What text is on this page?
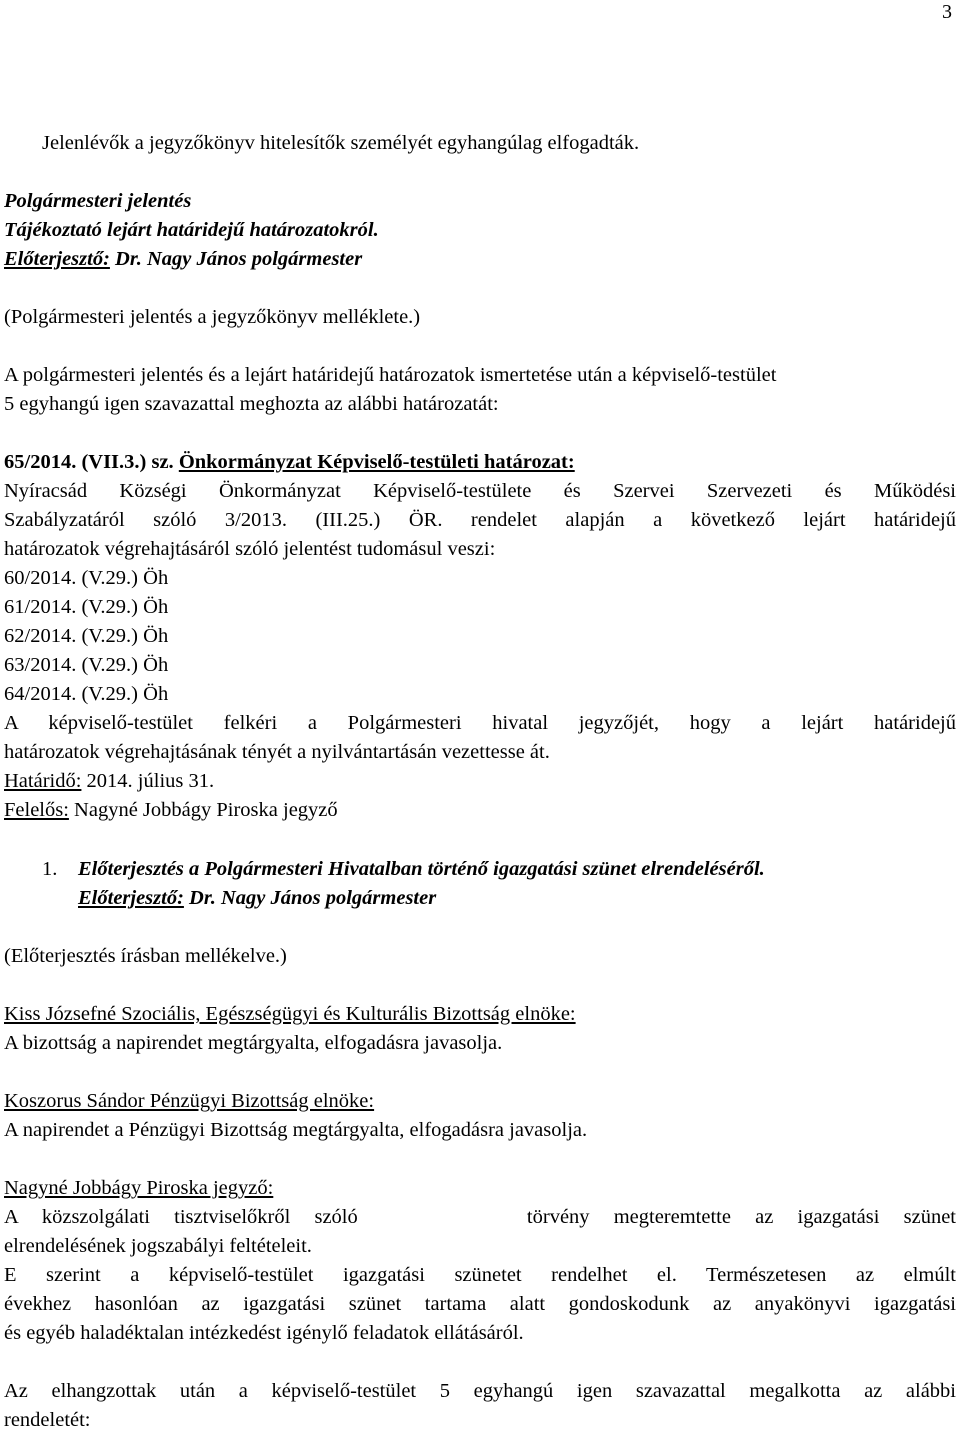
3
Jelenlévők a jegyzőkönyv hitelesítők személyét egyhangúlag elfogadták.
Polgármesteri jelentés
Tájékoztató lejárt határidejű határozatokról.
Előterjesztő: Dr. Nagy János polgármester
(Polgármesteri jelentés a jegyzőkönyv melléklete.)
A polgármesteri jelentés és a lejárt határidejű határozatok ismertetése után a képviselő-testület
5 egyhangú igen szavazattal meghozta az alábbi határozatát:
65/2014. (VII.3.) sz. Önkormányzat Képviselő-testületi határozat:
Nyíracsád Községi Önkormányzat Képviselő-testülete és Szervei Szervezeti és Működési
Szabályzatáról szóló 3/2013. (III.25.) ÖR. rendelet alapján a következő lejárt határidejű
határozatok végrehajtásáról szóló jelentést tudomásul veszi:
60/2014. (V.29.) Öh
61/2014. (V.29.) Öh
62/2014. (V.29.) Öh
63/2014. (V.29.) Öh
64/2014. (V.29.) Öh
A képviselő-testület felkéri a Polgármesteri hivatal jegyzőjét, hogy a lejárt határidejű
határozatok végrehajtásának tényét a nyilvántartásán vezettesse át.
Határidő: 2014. július 31.
Felelős: Nagyné Jobbágy Piroska jegyző
1. Előterjesztés a Polgármesteri Hivatalban történő igazgatási szünet elrendeléséről.
Előterjesztő: Dr. Nagy János polgármester
(Előterjesztés írásban mellékelve.)
Kiss Józsefné Szociális, Egészségügyi és Kulturális Bizottság elnöke:
A bizottság a napirendet megtárgyalta, elfogadásra javasolja.
Koszorus Sándor Pénzügyi Bizottság elnöke:
A napirendet a Pénzügyi Bizottság megtárgyalta, elfogadásra javasolja.
Nagyné Jobbágy Piroska jegyző:
A közszolgálati tisztviselőkről szóló       törvény megteremtette az igazgatási szünet
elrendelésének jogszabályi feltételeit.
E szerint a képviselő-testület igazgatási szünetet rendelhet el. Természetesen az elmúlt
évekhez hasonlóan az igazgatási szünet tartama alatt gondoskodunk az anyakönyvi igazgatási
és egyéb haladéktalan intézkedést igénylő feladatok ellátásáról.
Az elhangzottak után a képviselő-testület 5 egyhangú igen szavazattal megalkotta az alábbi
rendeletét:
